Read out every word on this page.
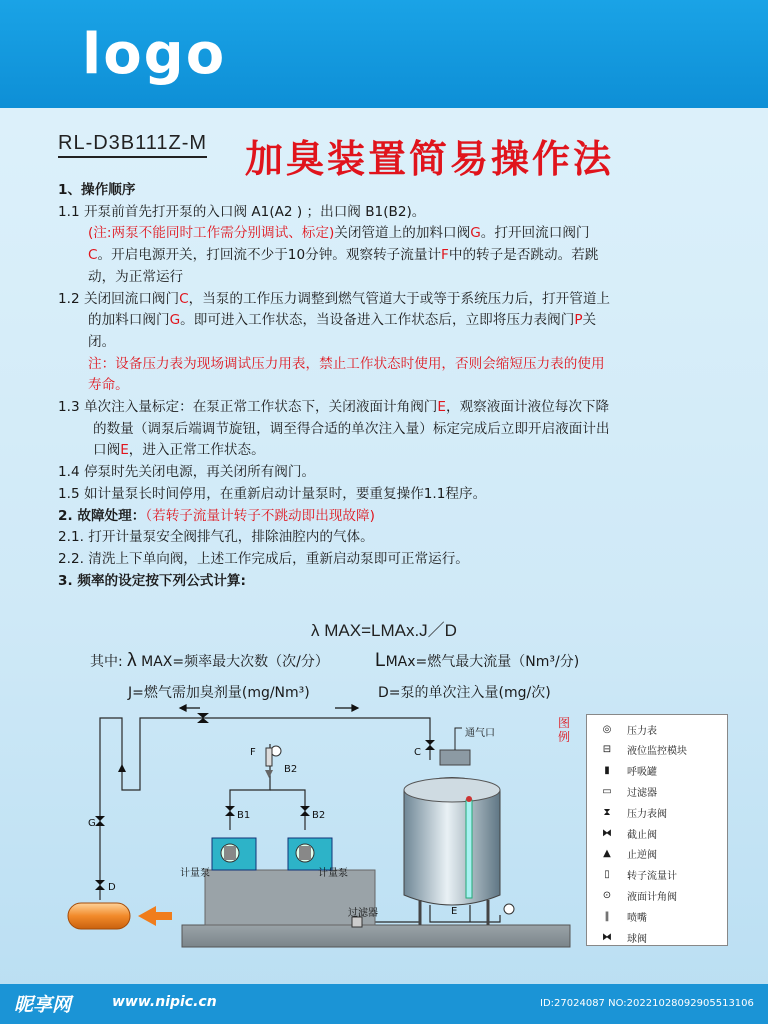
logo
RL-D3B111Z-M 加臭装置简易操作法
1、操作顺序
1.1 开泵前首先打开泵的入口阀 A1(A2 ) ；出口阀 B1(B2)。
(注:两泵不能同时工作需分别调试、标定)关闭管道上的加料口阀G。打开回流口阀门
C。开启电源开关，打回流不少于10分钟。观察转子流量计F中的转子是否跳动。若跳
动，为正常运行
1.2 关闭回流口阀门C，当泵的工作压力调整到燃气管道大于或等于系统压力后，打开管道上
的加料口阀门G。即可进入工作状态，当设备进入工作状态后，立即将压力表阀门P关
闭。
注：设备压力表为现场调试压力用表，禁止工作状态时使用，否则会缩短压力表的使用
寿命。
1.3 单次注入量标定：在泵正常工作状态下，关闭液面计角阀门E，观察液面计液位每次下降
的数量（调泵后端调节旋钮，调至得合适的单次注入量）标定完成后立即开启液面计出
口阀E，进入正常工作状态。
1.4 停泵时先关闭电源，再关闭所有阀门。
1.5 如计量泵长时间停用，在重新启动计量泵时，要重复操作1.1程序。
2. 故障处理：（若转子流量计转子不跳动即出现故障)
2.1. 打开计量泵安全阀排气孔，排除油腔内的气体。
2.2. 清洗上下单向阀，上述工作完成后，重新启动泵即可正常运行。
3. 频率的设定按下列公式计算:
λ MAX=LMAx.J／D
其中: λ MAX=频率最大次数（次/分） LMAx=燃气最大流量（Nm³/分)
J=燃气需加臭剂量(mg/Nm³)	D=泵的单次注入量(mg/次)
F
B2
C
通气口
G
B1	B2
计量泵	计量泵
D
过滤器	E
图例
◎	压力表
⊟	液位监控模块
▮	呼吸罐
▭	过滤器
⧗	压力表阀
⧓	截止阀
▲	止逆阀
▯	转子流量计
⊙	液面计角阀
‖	喷嘴
⧓	球阀
昵享网	www.nipic.cn	ID:27024087 NO:20221028092905513106
